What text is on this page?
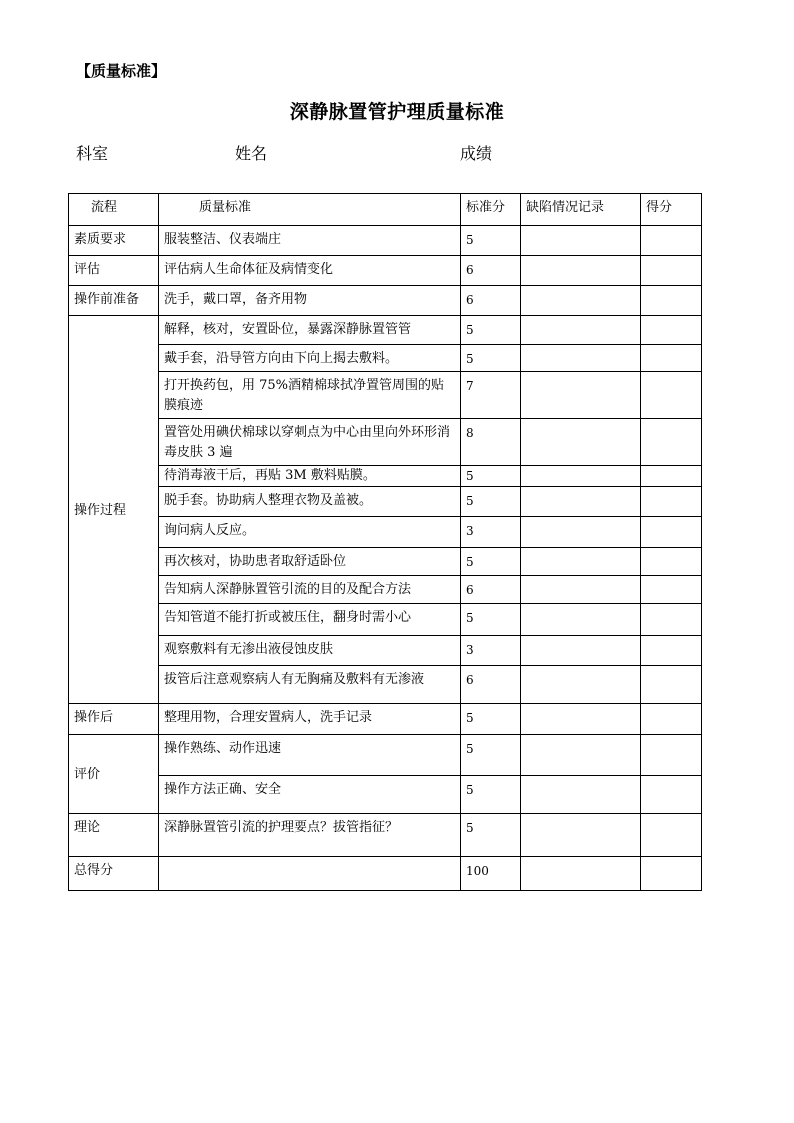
【质量标准】
深静脉置管护理质量标准
科室	姓名	成绩
流程	质量标准	标准分	缺陷情况记录	得分
素质要求	服装整洁、仪表端庄	5		
评估	评估病人生命体征及病情变化	6		
操作前准备	洗手，戴口罩，备齐用物	6		
操作过程	解释，核对，安置卧位，暴露深静脉置管管	5		
	戴手套，沿导管方向由下向上揭去敷料。	5		
	打开换药包，用 75%酒精棉球拭净置管周围的贴膜痕迹	7		
	置管处用碘伏棉球以穿刺点为中心由里向外环形消毒皮肤 3 遍	8		
	待消毒液干后，再贴 3M 敷料贴膜。	5		
	脱手套。协助病人整理衣物及盖被。	5		
	询问病人反应。	3		
	再次核对，协助患者取舒适卧位	5		
	告知病人深静脉置管引流的目的及配合方法	6		
	告知管道不能打折或被压住，翻身时需小心	5		
	观察敷料有无渗出液侵蚀皮肤	3		
	拔管后注意观察病人有无胸痛及敷料有无渗液	6		
操作后	整理用物，合理安置病人，洗手记录	5		
评价	操作熟练、动作迅速	5		
	操作方法正确、安全	5		
理论	深静脉置管引流的护理要点？拔管指征？	5		
总得分		100		
